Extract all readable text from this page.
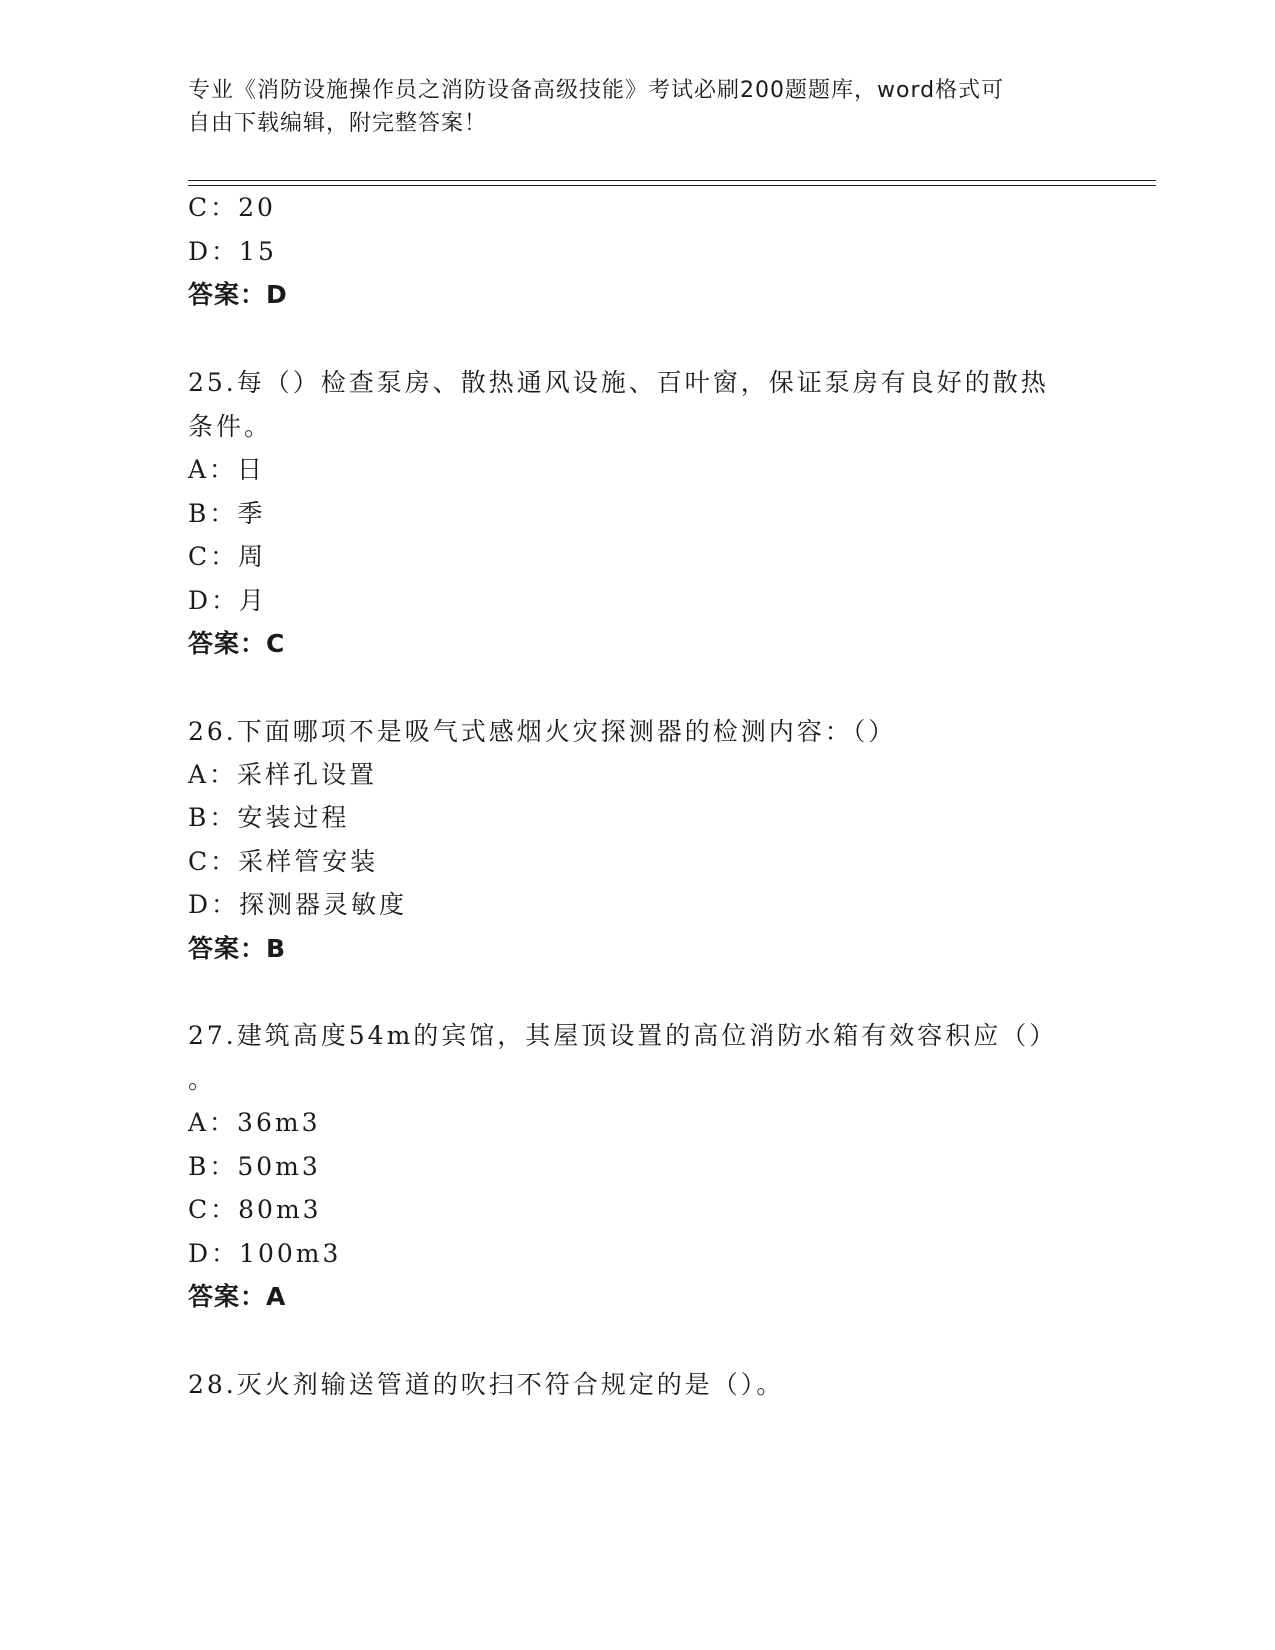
专业《消防设施操作员之消防设备高级技能》考试必刷200题题库，word格式可
自由下载编辑，附完整答案！
C：20
D：15
答案：D
25.每（）检查泵房、散热通风设施、百叶窗，保证泵房有良好的散热
条件。
A：日
B：季
C：周
D：月
答案：C
26.下面哪项不是吸气式感烟火灾探测器的检测内容：（）
A：采样孔设置
B：安装过程
C：采样管安装
D：探测器灵敏度
答案：B
27.建筑高度54m的宾馆，其屋顶设置的高位消防水箱有效容积应（）
。
A：36m3
B：50m3
C：80m3
D：100m3
答案：A
28.灭火剂输送管道的吹扫不符合规定的是（）。
